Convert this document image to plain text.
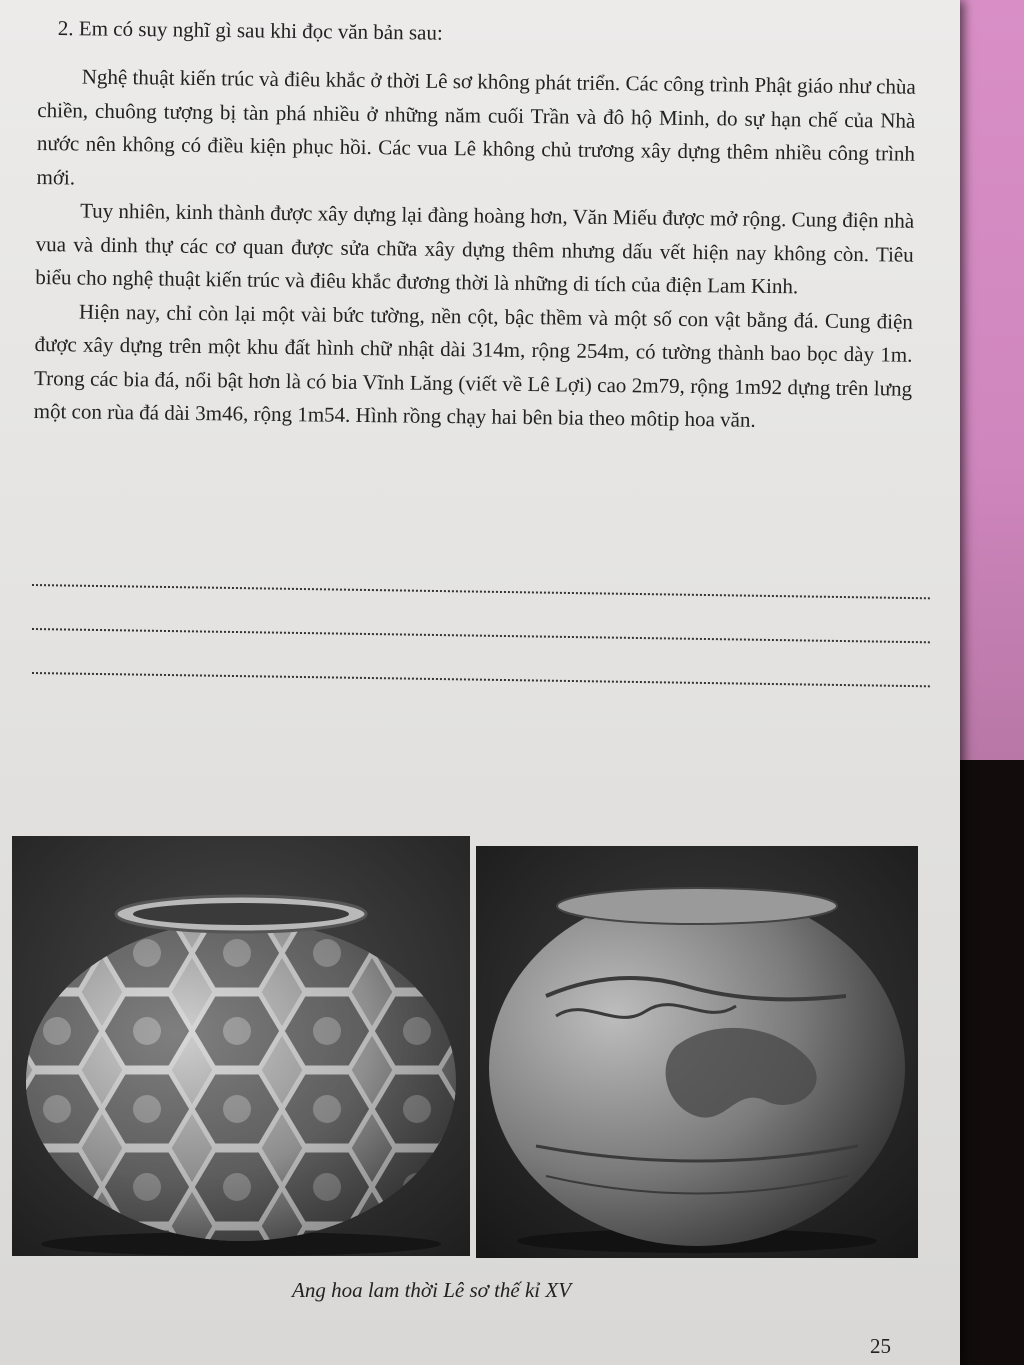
2. Em có suy nghĩ gì sau khi đọc văn bản sau:

Nghệ thuật kiến trúc và điêu khắc ở thời Lê sơ không phát triển. Các công trình Phật giáo như chùa chiền, chuông tượng bị tàn phá nhiều ở những năm cuối Trần và đô hộ Minh, do sự hạn chế của Nhà nước nên không có điều kiện phục hồi. Các vua Lê không chủ trương xây dựng thêm nhiều công trình mới.

Tuy nhiên, kinh thành được xây dựng lại đàng hoàng hơn, Văn Miếu được mở rộng. Cung điện nhà vua và dinh thự các cơ quan được sửa chữa xây dựng thêm nhưng dấu vết hiện nay không còn. Tiêu biểu cho nghệ thuật kiến trúc và điêu khắc đương thời là những di tích của điện Lam Kinh.

Hiện nay, chỉ còn lại một vài bức tường, nền cột, bậc thềm và một số con vật bằng đá. Cung điện được xây dựng trên một khu đất hình chữ nhật dài 314m, rộng 254m, có tường thành bao bọc dày 1m. Trong các bia đá, nổi bật hơn là có bia Vĩnh Lăng (viết về Lê Lợi) cao 2m79, rộng 1m92 dựng trên lưng một con rùa đá dài 3m46, rộng 1m54. Hình rồng chạy hai bên bia theo môtip hoa văn.

Ang hoa lam thời Lê sơ thế kỉ XV
25
